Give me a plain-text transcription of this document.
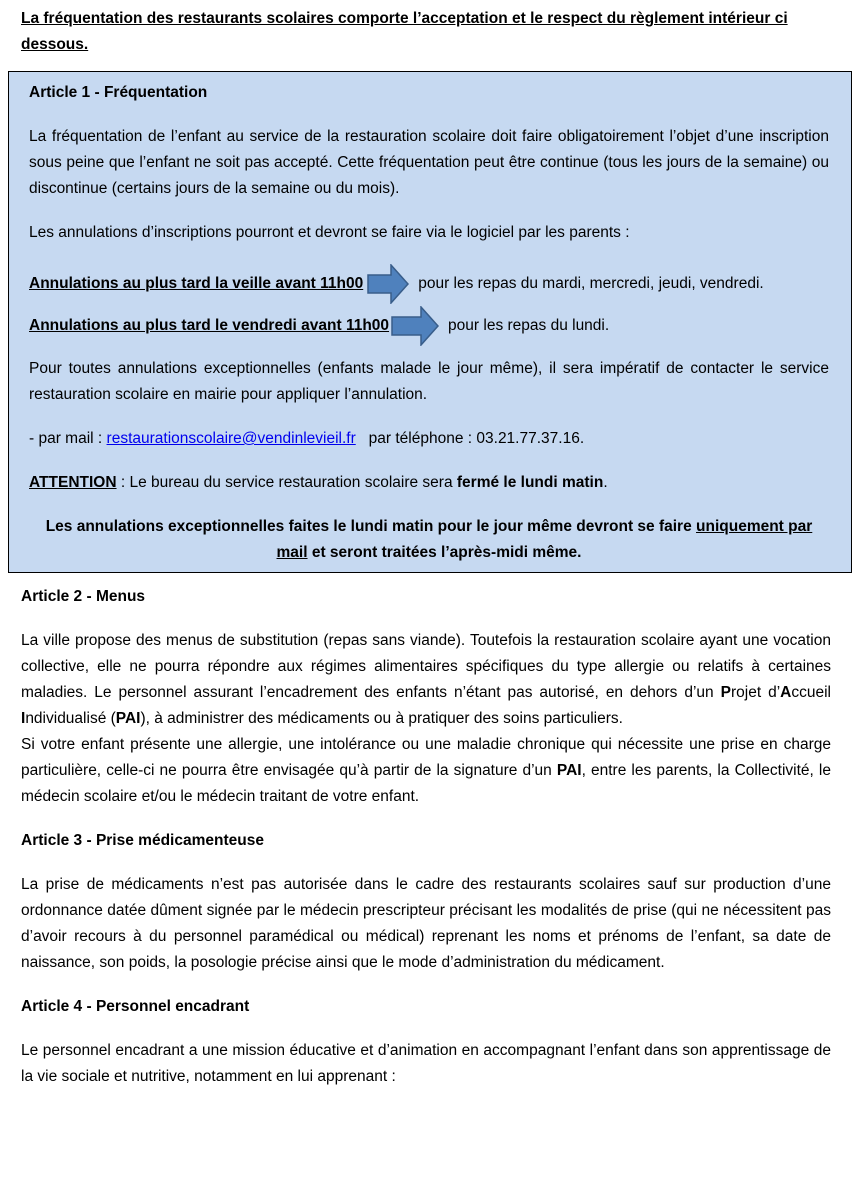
La fréquentation des restaurants scolaires comporte l’acceptation et le respect du règlement intérieur ci dessous.

Article 1 - Fréquentation

La fréquentation de l’enfant au service de la restauration scolaire doit faire obligatoirement l’objet d’une inscription sous peine que l’enfant ne soit pas accepté. Cette fréquentation peut être continue (tous les jours de la semaine) ou discontinue (certains jours de la semaine ou du mois).

Les annulations d’inscriptions pourront et devront se faire via le logiciel par les parents :

Annulations au plus tard la veille avant 11h00	pour les repas du mardi, mercredi, jeudi, vendredi.
Annulations au plus tard le vendredi avant 11h00	pour les repas du lundi.

Pour toutes annulations exceptionnelles (enfants malade le jour même), il sera impératif de contacter le service restauration scolaire en mairie pour appliquer l’annulation.

- par mail : restaurationscolaire@vendinlevieil.fr par téléphone : 03.21.77.37.16.

ATTENTION : Le bureau du service restauration scolaire sera fermé le lundi matin.

Les annulations exceptionnelles faites le lundi matin pour le jour même devront se faire uniquement par mail et seront traitées l’après-midi même.

Article 2 - Menus

La ville propose des menus de substitution (repas sans viande). Toutefois la restauration scolaire ayant une vocation collective, elle ne pourra répondre aux régimes alimentaires spécifiques du type allergie ou relatifs à certaines maladies. Le personnel assurant l’encadrement des enfants n’étant pas autorisé, en dehors d’un Projet d’Accueil Individualisé (PAI), à administrer des médicaments ou à pratiquer des soins particuliers.

Si votre enfant présente une allergie, une intolérance ou une maladie chronique qui nécessite une prise en charge particulière, celle-ci ne pourra être envisagée qu’à partir de la signature d’un PAI, entre les parents, la Collectivité, le médecin scolaire et/ou le médecin traitant de votre enfant.

Article 3 - Prise médicamenteuse

La prise de médicaments n’est pas autorisée dans le cadre des restaurants scolaires sauf sur production d’une ordonnance datée dûment signée par le médecin prescripteur précisant les modalités de prise (qui ne nécessitent pas d’avoir recours à du personnel paramédical ou médical) reprenant les noms et prénoms de l’enfant, sa date de naissance, son poids, la posologie précise ainsi que le mode d’administration du médicament.

Article 4 - Personnel encadrant

Le personnel encadrant a une mission éducative et d’animation en accompagnant l’enfant dans son apprentissage de la vie sociale et nutritive, notamment en lui apprenant :
